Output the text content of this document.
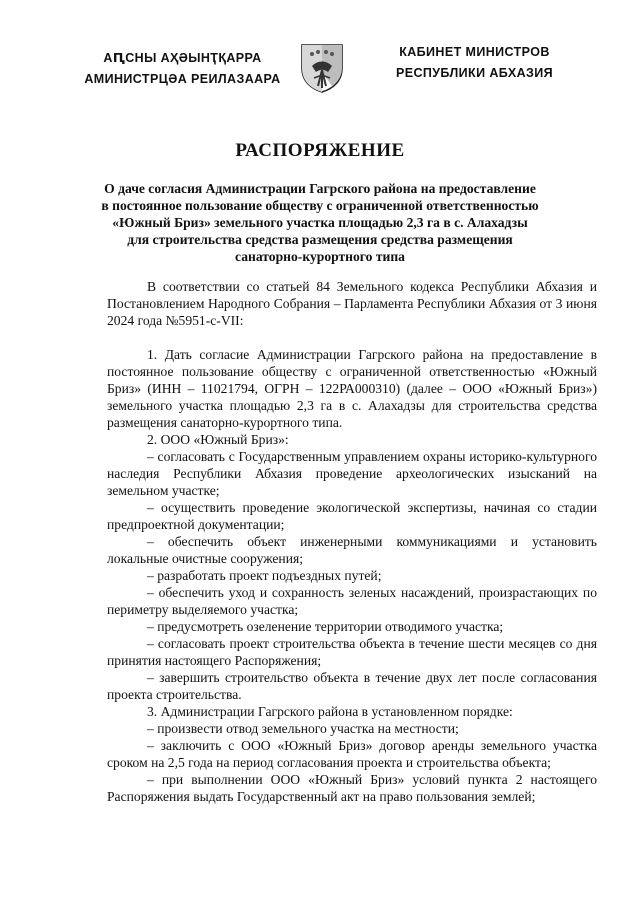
АԤСНЫ АҲӘЫНҬҚАРРА
АМИНИСТРЦӘА РЕИЛАЗААРА
КАБИНЕТ МИНИСТРОВ
РЕСПУБЛИКИ АБХАЗИЯ
РАСПОРЯЖЕНИЕ
О даче согласия Администрации Гагрского района на предоставление
в постоянное пользование обществу с ограниченной ответственностью
«Южный Бриз» земельного участка площадью 2,3 га в с. Алахадзы
для строительства средства размещения средства размещения
санаторно-курортного типа

В соответствии со статьей 84 Земельного кодекса Республики Абхазия и Постановлением Народного Собрания – Парламента Республики Абхазия от 3 июня 2024 года №5951-с-VII:

1. Дать согласие Администрации Гагрского района на предоставление в постоянное пользование обществу с ограниченной ответственностью «Южный Бриз» (ИНН – 11021794, ОГРН – 122РА000310) (далее – ООО «Южный Бриз») земельного участка площадью 2,3 га в с. Алахадзы для строительства средства размещения санаторно-курортного типа.

2. ООО «Южный Бриз»:

– согласовать с Государственным управлением охраны историко-культурного наследия Республики Абхазия проведение археологических изысканий на земельном участке;

– осуществить проведение экологической экспертизы, начиная со стадии предпроектной документации;

– обеспечить объект инженерными коммуникациями и установить локальные очистные сооружения;

– разработать проект подъездных путей;

– обеспечить уход и сохранность зеленых насаждений, произрастающих по периметру выделяемого участка;

– предусмотреть озеленение территории отводимого участка;

– согласовать проект строительства объекта в течение шести месяцев со дня принятия настоящего Распоряжения;

– завершить строительство объекта в течение двух лет после согласования проекта строительства.

3. Администрации Гагрского района в установленном порядке:

– произвести отвод земельного участка на местности;

– заключить с ООО «Южный Бриз» договор аренды земельного участка сроком на 2,5 года на период согласования проекта и строительства объекта;

– при выполнении ООО «Южный Бриз» условий пункта 2 настоящего Распоряжения выдать Государственный акт на право пользования землей;
